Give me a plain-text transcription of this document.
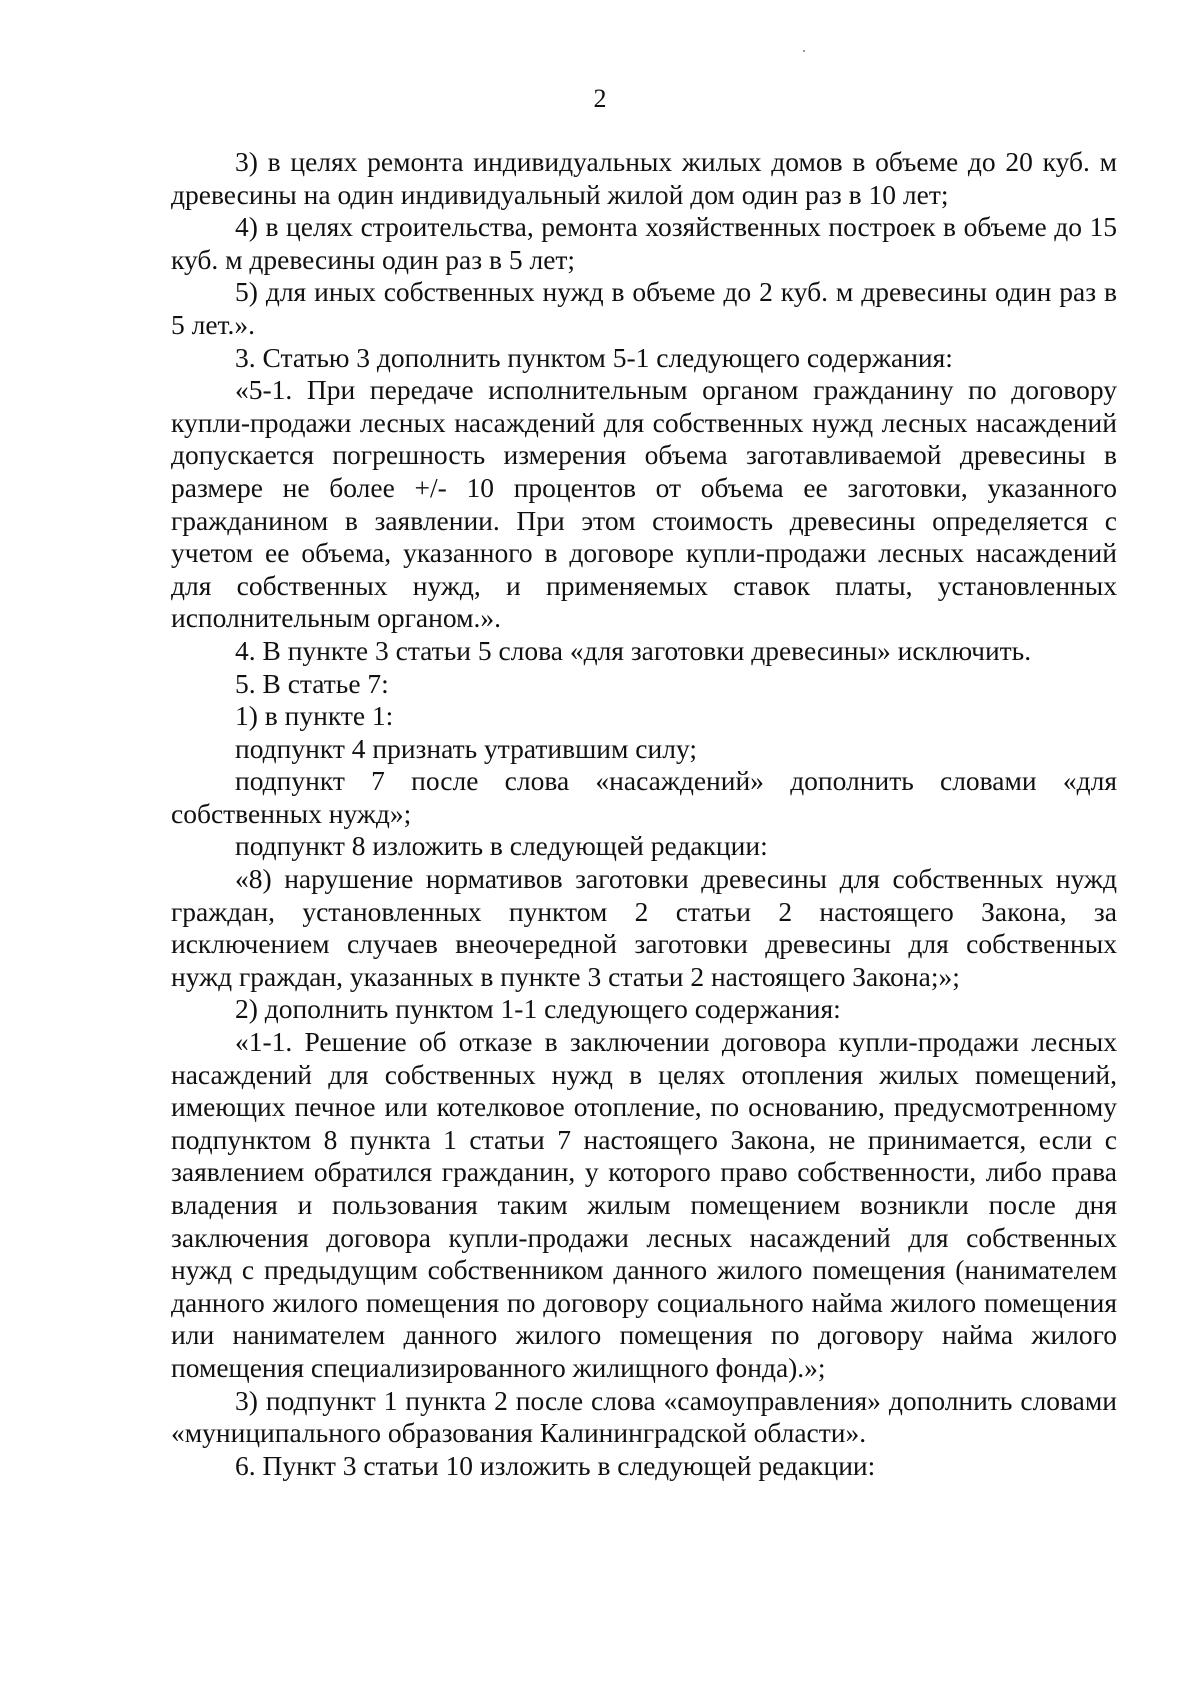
2

3) в целях ремонта индивидуальных жилых домов в объеме до 20 куб. м древесины на один индивидуальный жилой дом один раз в 10 лет;

4) в целях строительства, ремонта хозяйственных построек в объеме до 15 куб. м древесины один раз в 5 лет;

5) для иных собственных нужд в объеме до 2 куб. м древесины один раз в 5 лет.».

3. Статью 3 дополнить пунктом 5-1 следующего содержания:

«5-1. При передаче исполнительным органом гражданину по договору купли-продажи лесных насаждений для собственных нужд лесных насаждений допускается погрешность измерения объема заготавливаемой древесины в размере не более +/- 10 процентов от объема ее заготовки, указанного гражданином в заявлении. При этом стоимость древесины определяется с учетом ее объема, указанного в договоре купли-продажи лесных насаждений для собственных нужд, и применяемых ставок платы, установленных исполнительным органом.».

4. В пункте 3 статьи 5 слова «для заготовки древесины» исключить.

5. В статье 7:

1) в пункте 1:

подпункт 4 признать утратившим силу;

подпункт 7 после слова «насаждений» дополнить словами «для собственных нужд»;

подпункт 8 изложить в следующей редакции:

«8) нарушение нормативов заготовки древесины для собственных нужд граждан, установленных пунктом 2 статьи 2 настоящего Закона, за исключением случаев внеочередной заготовки древесины для собственных нужд граждан, указанных в пункте 3 статьи 2 настоящего Закона;»;

2) дополнить пунктом 1-1 следующего содержания:

«1-1. Решение об отказе в заключении договора купли-продажи лесных насаждений для собственных нужд в целях отопления жилых помещений, имеющих печное или котелковое отопление, по основанию, предусмотренному подпунктом 8 пункта 1 статьи 7 настоящего Закона, не принимается, если с заявлением обратился гражданин, у которого право собственности, либо права владения и пользования таким жилым помещением возникли после дня заключения договора купли-продажи лесных насаждений для собственных нужд с предыдущим собственником данного жилого помещения (нанимателем данного жилого помещения по договору социального найма жилого помещения или нанимателем данного жилого помещения по договору найма жилого помещения специализированного жилищного фонда).»;

3) подпункт 1 пункта 2 после слова «самоуправления» дополнить словами «муниципального образования Калининградской области».

6. Пункт 3 статьи 10 изложить в следующей редакции:
